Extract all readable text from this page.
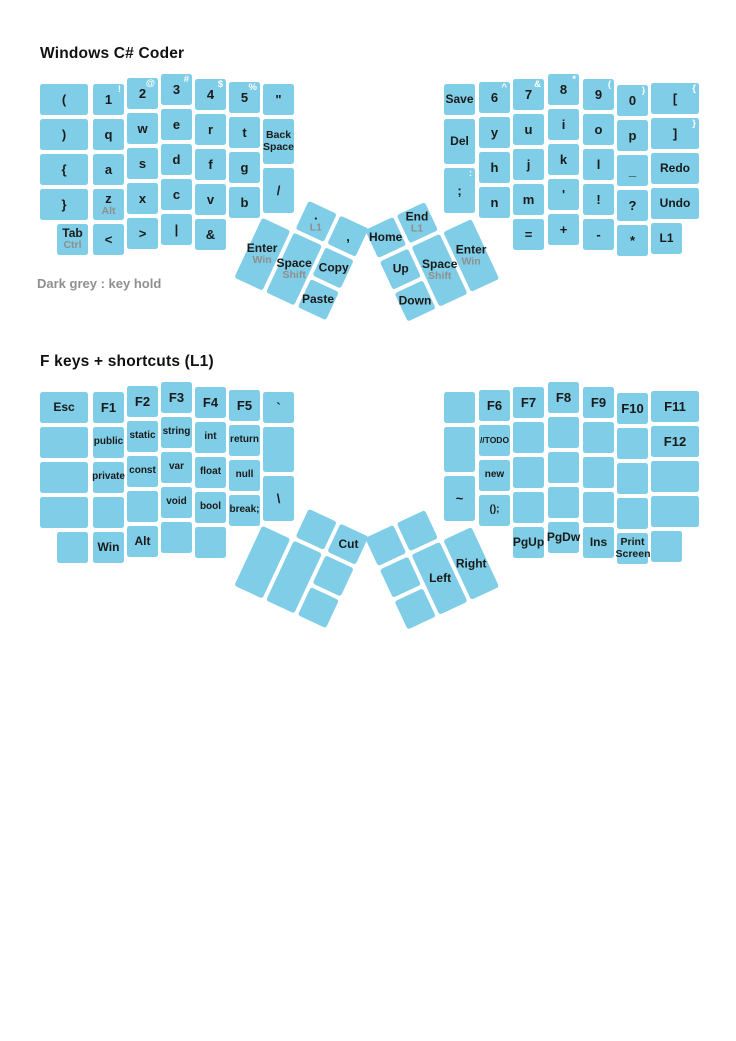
Windows C# Coder
Dark grey : key hold
F keys + shortcuts (L1)
(
)
{
}
Tab
Ctrl
1
!
q
a
z
Alt
<
2
@
w
s
x
>
3
#
e
d
c
|
4
$
r
f
v
&
5
%
t
g
b
"
Back Space
/
.
L1
,
Enter
Win Space
Shift Copy
Paste
Save
Del
;
:
6
^
y
h
n
7
&
u
j
m
=
8
*
i
k
'
+
9
(
o
l
!
-
0
)
p
_
?
*
[
{
]
}
Redo
Undo
L1
Home
End
L1
Up
Down
Space
Shift
Enter
Win
Esc F1
public
private
Win
F2
static
const
Alt
F3
string
var
void
F4
int
float
bool
F5
return
null
break;
`
\
Cut
~
F6
//TODO
new
();
F7
PgUp
F8
PgDw
F9
Ins
F10
Print Screen
F11
F12
Left
Right
